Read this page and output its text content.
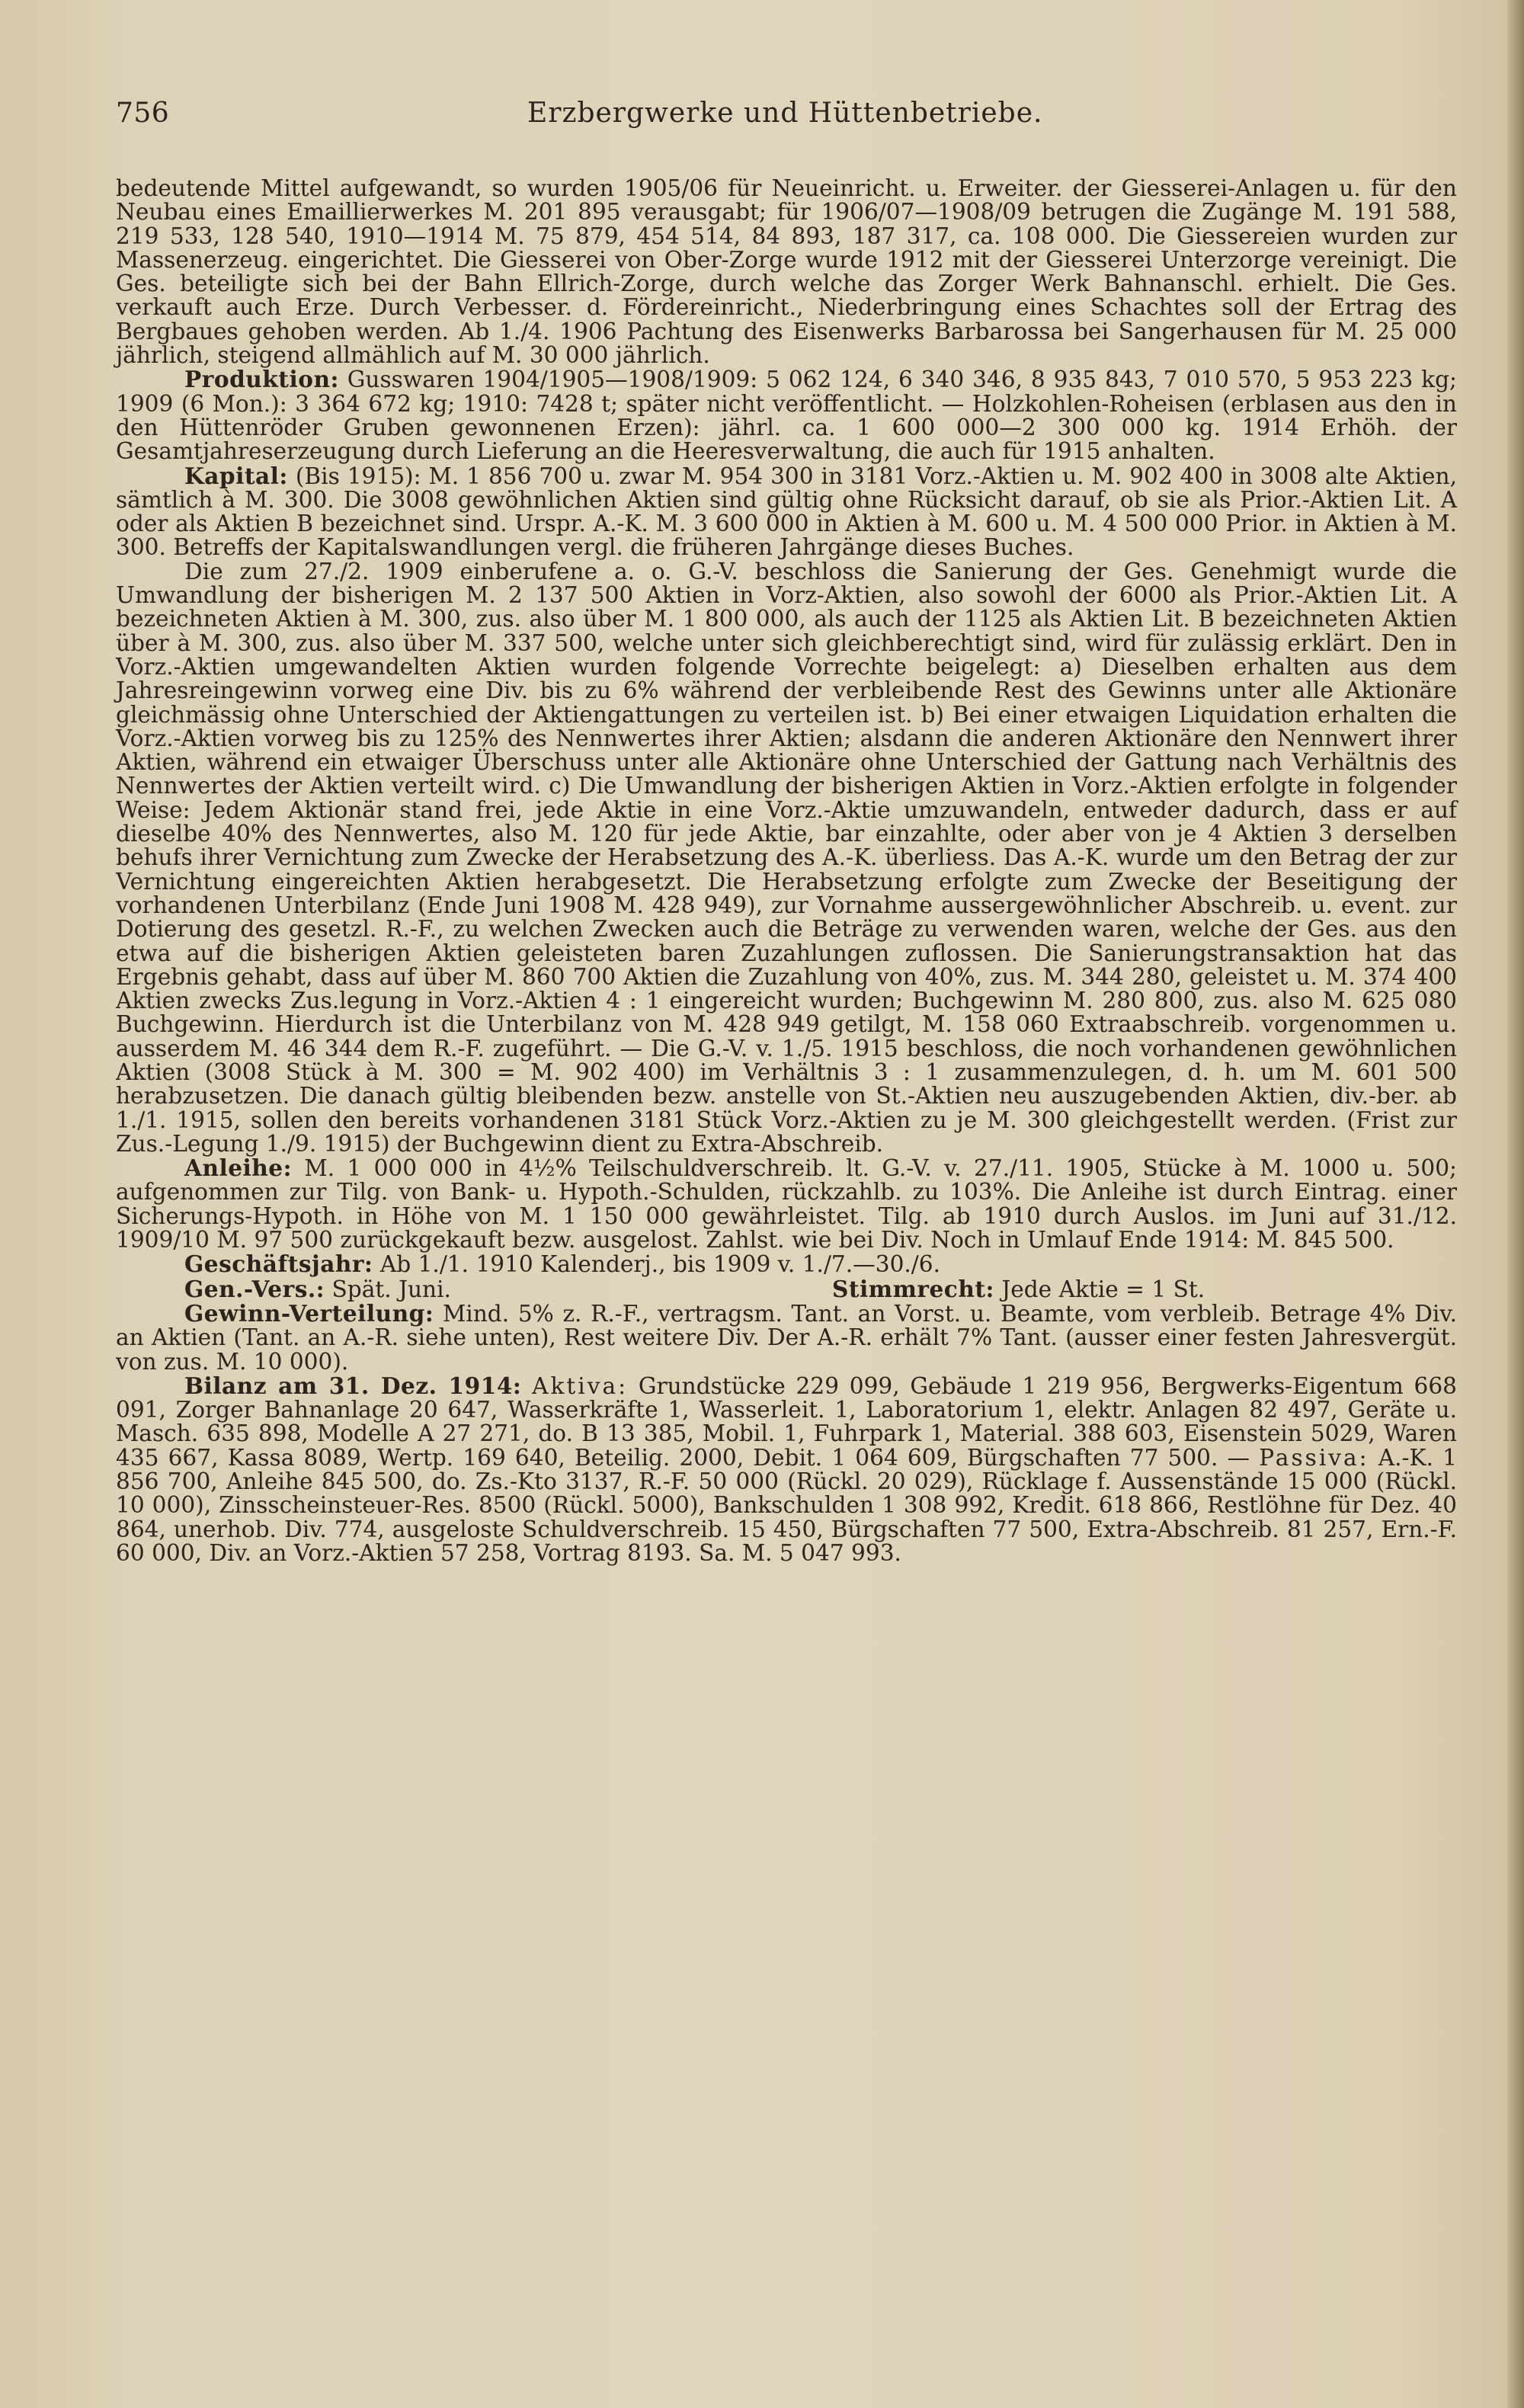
756	Erzbergwerke und Hüttenbetriebe.

bedeutende Mittel aufgewandt, so wurden 1905/06 für Neueinricht. u. Erweiter. der Giesserei-Anlagen u. für den Neubau eines Emaillierwerkes M. 201 895 verausgabt; für 1906/07—1908/09 betrugen die Zugänge M. 191 588, 219 533, 128 540, 1910—1914 M. 75 879, 454 514, 84 893, 187 317, ca. 108 000. Die Giessereien wurden zur Massenerzeug. eingerichtet. Die Giesserei von Ober-Zorge wurde 1912 mit der Giesserei Unterzorge vereinigt. Die Ges. beteiligte sich bei der Bahn Ellrich-Zorge, durch welche das Zorger Werk Bahnanschl. erhielt. Die Ges. verkauft auch Erze. Durch Verbesser. d. Fördereinricht., Niederbringung eines Schachtes soll der Ertrag des Bergbaues gehoben werden. Ab 1./4. 1906 Pachtung des Eisenwerks Barbarossa bei Sangerhausen für M. 25 000 jährlich, steigend allmählich auf M. 30 000 jährlich.

Produktion: Gusswaren 1904/1905—1908/1909: 5 062 124, 6 340 346, 8 935 843, 7 010 570, 5 953 223 kg; 1909 (6 Mon.): 3 364 672 kg; 1910: 7428 t; später nicht veröffentlicht. — Holzkohlen-Roheisen (erblasen aus den in den Hüttenröder Gruben gewonnenen Erzen): jährl. ca. 1 600 000—2 300 000 kg. 1914 Erhöh. der Gesamtjahreserzeugung durch Lieferung an die Heeresverwaltung, die auch für 1915 anhalten.

Kapital: (Bis 1915): M. 1 856 700 u. zwar M. 954 300 in 3181 Vorz.-Aktien u. M. 902 400 in 3008 alte Aktien, sämtlich à M. 300. Die 3008 gewöhnlichen Aktien sind gültig ohne Rücksicht darauf, ob sie als Prior.-Aktien Lit. A oder als Aktien B bezeichnet sind. Urspr. A.-K. M. 3 600 000 in Aktien à M. 600 u. M. 4 500 000 Prior. in Aktien à M. 300. Betreffs der Kapitalswandlungen vergl. die früheren Jahrgänge dieses Buches.

Die zum 27./2. 1909 einberufene a. o. G.-V. beschloss die Sanierung der Ges. Genehmigt wurde die Umwandlung der bisherigen M. 2 137 500 Aktien in Vorz-Aktien, also sowohl der 6000 als Prior.-Aktien Lit. A bezeichneten Aktien à M. 300, zus. also über M. 1 800 000, als auch der 1125 als Aktien Lit. B bezeichneten Aktien über à M. 300, zus. also über M. 337 500, welche unter sich gleichberechtigt sind, wird für zulässig erklärt. Den in Vorz.-Aktien umgewandelten Aktien wurden folgende Vorrechte beigelegt: a) Dieselben erhalten aus dem Jahresreingewinn vorweg eine Div. bis zu 6% während der verbleibende Rest des Gewinns unter alle Aktionäre gleichmässig ohne Unterschied der Aktiengattungen zu verteilen ist. b) Bei einer etwaigen Liquidation erhalten die Vorz.-Aktien vorweg bis zu 125% des Nennwertes ihrer Aktien; alsdann die anderen Aktionäre den Nennwert ihrer Aktien, während ein etwaiger Überschuss unter alle Aktionäre ohne Unterschied der Gattung nach Verhältnis des Nennwertes der Aktien verteilt wird. c) Die Umwandlung der bisherigen Aktien in Vorz.-Aktien erfolgte in folgender Weise: Jedem Aktionär stand frei, jede Aktie in eine Vorz.-Aktie umzuwandeln, entweder dadurch, dass er auf dieselbe 40% des Nennwertes, also M. 120 für jede Aktie, bar einzahlte, oder aber von je 4 Aktien 3 derselben behufs ihrer Vernichtung zum Zwecke der Herabsetzung des A.-K. überliess. Das A.-K. wurde um den Betrag der zur Vernichtung eingereichten Aktien herabgesetzt. Die Herabsetzung erfolgte zum Zwecke der Beseitigung der vorhandenen Unterbilanz (Ende Juni 1908 M. 428 949), zur Vornahme aussergewöhnlicher Abschreib. u. event. zur Dotierung des gesetzl. R.-F., zu welchen Zwecken auch die Beträge zu verwenden waren, welche der Ges. aus den etwa auf die bisherigen Aktien geleisteten baren Zuzahlungen zuflossen. Die Sanierungstransaktion hat das Ergebnis gehabt, dass auf über M. 860 700 Aktien die Zuzahlung von 40%, zus. M. 344 280, geleistet u. M. 374 400 Aktien zwecks Zus.legung in Vorz.-Aktien 4 : 1 eingereicht wurden; Buchgewinn M. 280 800, zus. also M. 625 080 Buchgewinn. Hierdurch ist die Unterbilanz von M. 428 949 getilgt, M. 158 060 Extraabschreib. vorgenommen u. ausserdem M. 46 344 dem R.-F. zugeführt. — Die G.-V. v. 1./5. 1915 beschloss, die noch vorhandenen gewöhnlichen Aktien (3008 Stück à M. 300 = M. 902 400) im Verhältnis 3 : 1 zusammenzulegen, d. h. um M. 601 500 herabzusetzen. Die danach gültig bleibenden bezw. anstelle von St.-Aktien neu auszugebenden Aktien, div.-ber. ab 1./1. 1915, sollen den bereits vorhandenen 3181 Stück Vorz.-Aktien zu je M. 300 gleichgestellt werden. (Frist zur Zus.-Legung 1./9. 1915) der Buchgewinn dient zu Extra-Abschreib.

Anleihe: M. 1 000 000 in 4½% Teilschuldverschreib. lt. G.-V. v. 27./11. 1905, Stücke à M. 1000 u. 500; aufgenommen zur Tilg. von Bank- u. Hypoth.-Schulden, rückzahlb. zu 103%. Die Anleihe ist durch Eintrag. einer Sicherungs-Hypoth. in Höhe von M. 1 150 000 gewährleistet. Tilg. ab 1910 durch Auslos. im Juni auf 31./12. 1909/10 M. 97 500 zurückgekauft bezw. ausgelost. Zahlst. wie bei Div. Noch in Umlauf Ende 1914: M. 845 500.

Geschäftsjahr: Ab 1./1. 1910 Kalenderj., bis 1909 v. 1./7.—30./6.

Gen.-Vers.: Spät. Juni.	Stimmrecht: Jede Aktie = 1 St.

Gewinn-Verteilung: Mind. 5% z. R.-F., vertragsm. Tant. an Vorst. u. Beamte, vom verbleib. Betrage 4% Div. an Aktien (Tant. an A.-R. siehe unten), Rest weitere Div. Der A.-R. erhält 7% Tant. (ausser einer festen Jahresvergüt. von zus. M. 10 000).

Bilanz am 31. Dez. 1914: Aktiva: Grundstücke 229 099, Gebäude 1 219 956, Bergwerks-Eigentum 668 091, Zorger Bahnanlage 20 647, Wasserkräfte 1, Wasserleit. 1, Laboratorium 1, elektr. Anlagen 82 497, Geräte u. Masch. 635 898, Modelle A 27 271, do. B 13 385, Mobil. 1, Fuhrpark 1, Material. 388 603, Eisenstein 5029, Waren 435 667, Kassa 8089, Wertp. 169 640, Beteilig. 2000, Debit. 1 064 609, Bürgschaften 77 500. — Passiva: A.-K. 1 856 700, Anleihe 845 500, do. Zs.-Kto 3137, R.-F. 50 000 (Rückl. 20 029), Rücklage f. Aussenstände 15 000 (Rückl. 10 000), Zinsscheinsteuer-Res. 8500 (Rückl. 5000), Bankschulden 1 308 992, Kredit. 618 866, Restlöhne für Dez. 40 864, unerhob. Div. 774, ausgeloste Schuldverschreib. 15 450, Bürgschaften 77 500, Extra-Abschreib. 81 257, Ern.-F. 60 000, Div. an Vorz.-Aktien 57 258, Vortrag 8193. Sa. M. 5 047 993.
